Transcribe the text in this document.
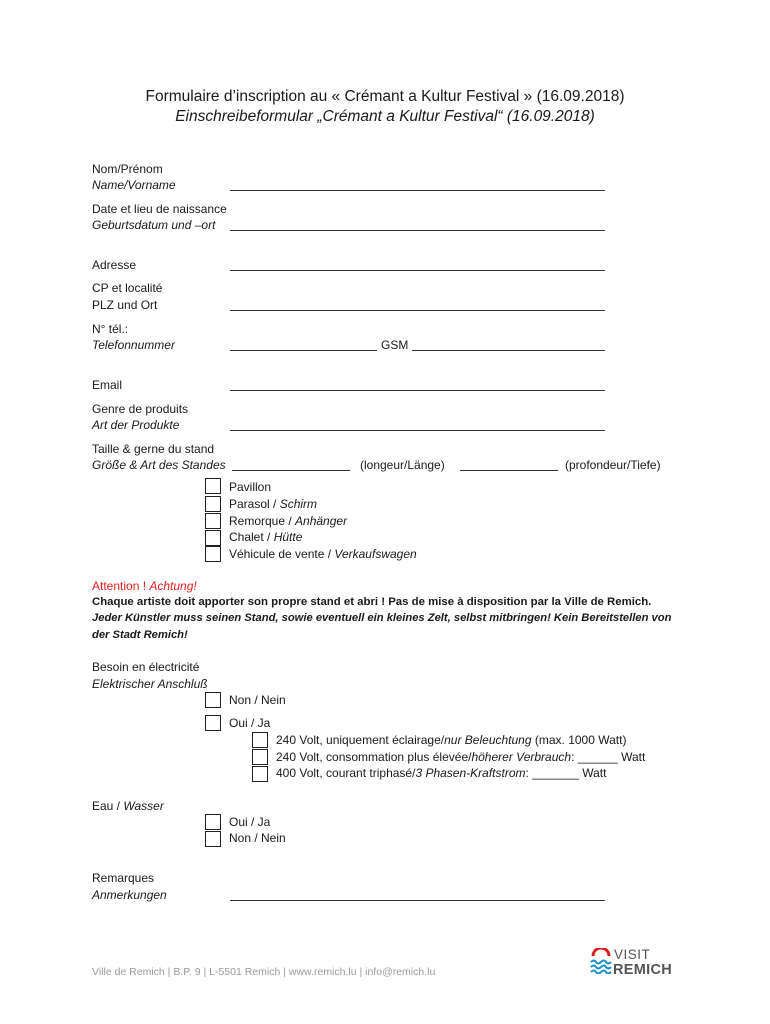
Formulaire d’inscription au « Crémant a Kultur Festival » (16.09.2018)
Einschreibeformular „Crémant a Kultur Festival“ (16.09.2018)
Nom/Prénom
Name/Vorname
Date et lieu de naissance
Geburtsdatum und –ort
Adresse
CP et localité
PLZ und Ort
N° tél.:
Telefonnummer	GSM
Email
Genre de produits
Art der Produkte
Taille & gerne du stand
Größe & Art des Standes	(longeur/Länge)	(profondeur/Tiefe)
Pavillon
Parasol / Schirm
Remorque / Anhänger
Chalet / Hütte
Véhicule de vente / Verkaufswagen
Attention ! Achtung!
Chaque artiste doit apporter son propre stand et abri ! Pas de mise à disposition par la Ville de Remich.
Jeder Künstler muss seinen Stand, sowie eventuell ein kleines Zelt, selbst mitbringen! Kein Bereitstellen von
der Stadt Remich!
Besoin en électricité
Elektrischer Anschluß
Non / Nein
Oui / Ja
240 Volt, uniquement éclairage/nur Beleuchtung (max. 1000 Watt)
240 Volt, consommation plus élevée/höherer Verbrauch: ______ Watt
400 Volt, courant triphasé/3 Phasen-Kraftstrom: _______ Watt
Eau / Wasser
Oui / Ja
Non / Nein
Remarques
Anmerkungen
Ville de Remich | B.P. 9 | L-5501 Remich | www.remich.lu | info@remich.lu
VISIT
REMICH
